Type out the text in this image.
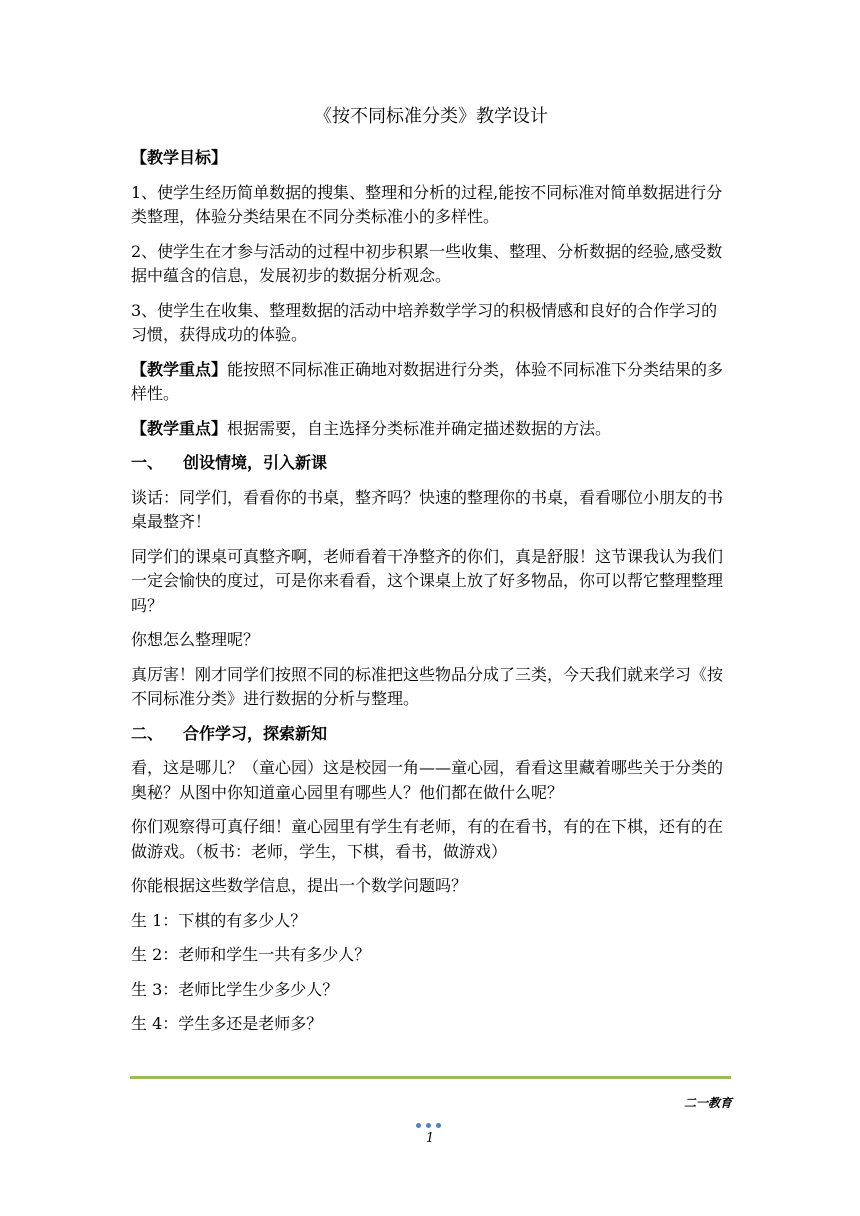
《按不同标准分类》教学设计
【教学目标】
1、使学生经历简单数据的搜集、整理和分析的过程,能按不同标准对简单数据进行分类整理，体验分类结果在不同分类标准小的多样性。
2、使学生在才参与活动的过程中初步积累一些收集、整理、分析数据的经验,感受数据中蕴含的信息，发展初步的数据分析观念。
3、使学生在收集、整理数据的活动中培养数学学习的积极情感和良好的合作学习的习惯，获得成功的体验。
【教学重点】能按照不同标准正确地对数据进行分类，体验不同标准下分类结果的多样性。
【教学重点】根据需要，自主选择分类标准并确定描述数据的方法。
一、	创设情境，引入新课
谈话：同学们，看看你的书桌，整齐吗？快速的整理你的书桌，看看哪位小朋友的书桌最整齐！
同学们的课桌可真整齐啊，老师看着干净整齐的你们，真是舒服！这节课我认为我们一定会愉快的度过，可是你来看看，这个课桌上放了好多物品，你可以帮它整理整理吗？
你想怎么整理呢？
真厉害！刚才同学们按照不同的标准把这些物品分成了三类，今天我们就来学习《按不同标准分类》进行数据的分析与整理。
二、	合作学习，探索新知
看，这是哪儿？（童心园）这是校园一角——童心园，看看这里藏着哪些关于分类的奥秘？从图中你知道童心园里有哪些人？他们都在做什么呢？
你们观察得可真仔细！童心园里有学生有老师，有的在看书，有的在下棋，还有的在做游戏。（板书：老师，学生，下棋，看书，做游戏）
你能根据这些数学信息，提出一个数学问题吗？
生 1：下棋的有多少人？
生 2：老师和学生一共有多少人？
生 3：老师比学生少多少人？
生 4：学生多还是老师多？
二一教育
1
